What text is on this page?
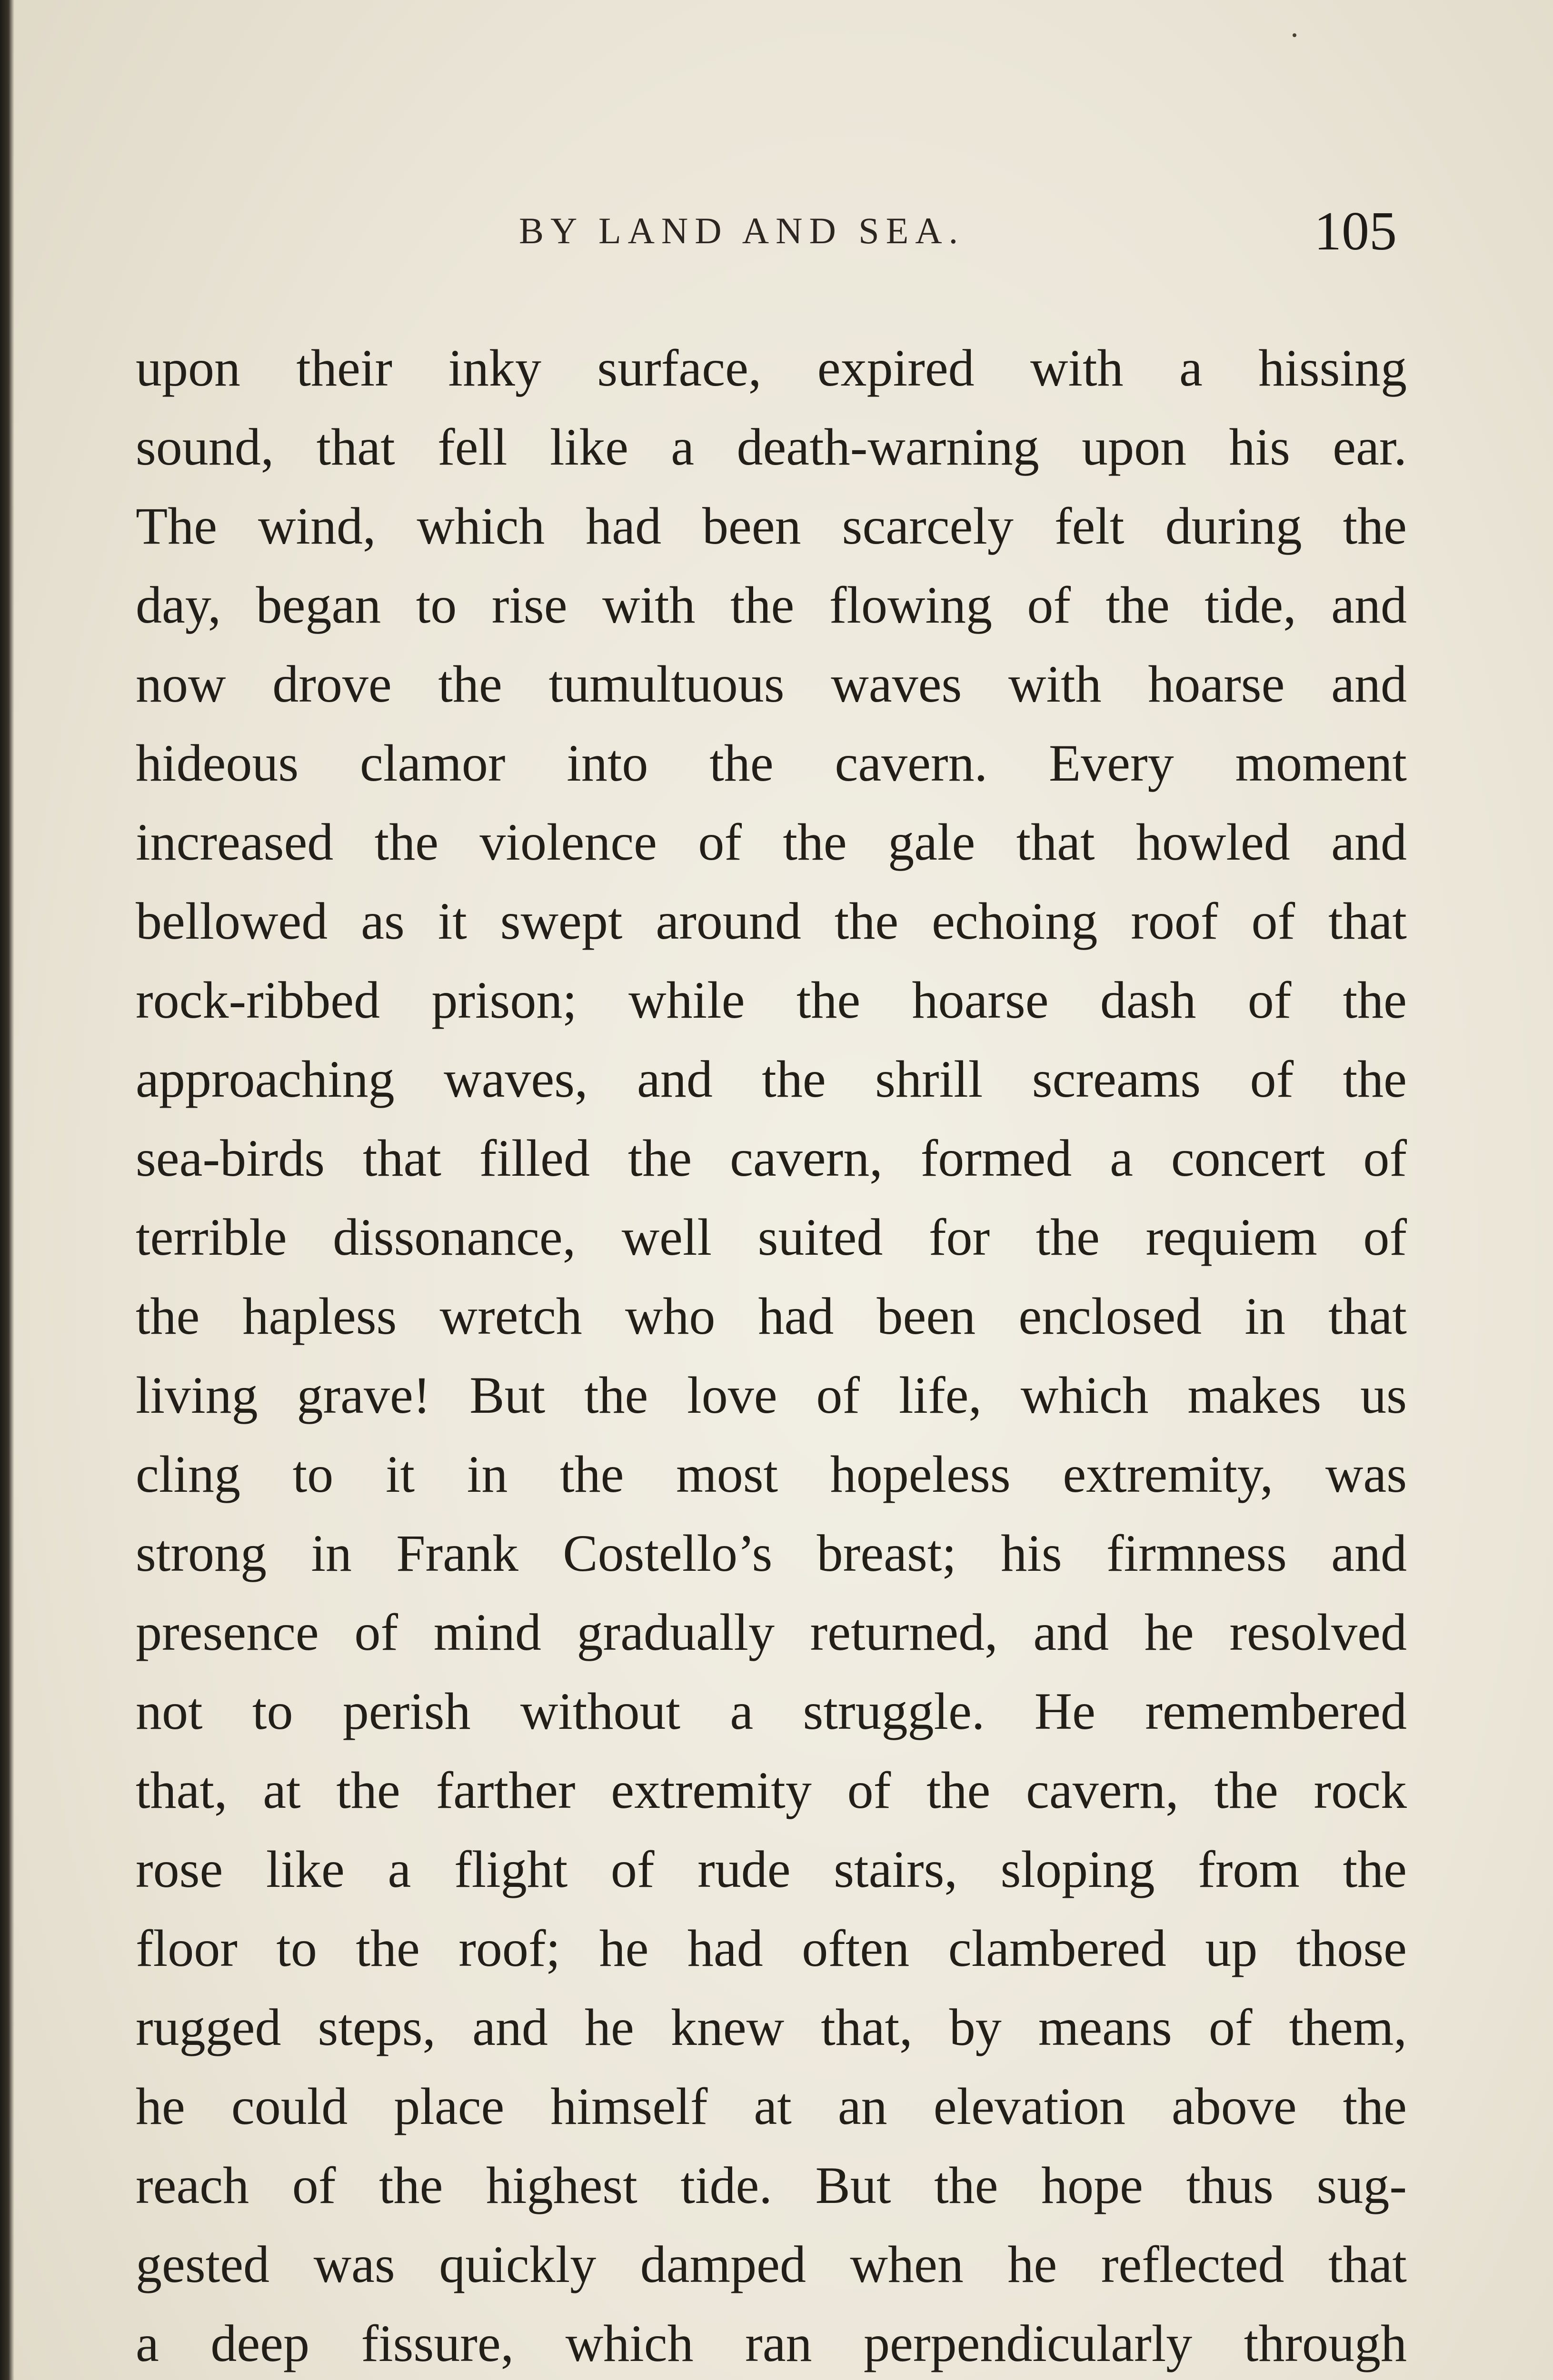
BY LAND AND SEA.	105
upon their inky surface, expired with a hissing
sound, that fell like a death-warning upon his ear.
The wind, which had been scarcely felt during the
day, began to rise with the flowing of the tide, and
now drove the tumultuous waves with hoarse and
hideous clamor into the cavern. Every moment
increased the violence of the gale that howled and
bellowed as it swept around the echoing roof of that
rock-ribbed prison; while the hoarse dash of the
approaching waves, and the shrill screams of the
sea-birds that filled the cavern, formed a concert of
terrible dissonance, well suited for the requiem of
the hapless wretch who had been enclosed in that
living grave! But the love of life, which makes us
cling to it in the most hopeless extremity, was
strong in Frank Costello’s breast; his firmness and
presence of mind gradually returned, and he resolved
not to perish without a struggle. He remembered
that, at the farther extremity of the cavern, the rock
rose like a flight of rude stairs, sloping from the
floor to the roof; he had often clambered up those
rugged steps, and he knew that, by means of them,
he could place himself at an elevation above the
reach of the highest tide. But the hope thus sug-
gested was quickly damped when he reflected that
a deep fissure, which ran perpendicularly through
